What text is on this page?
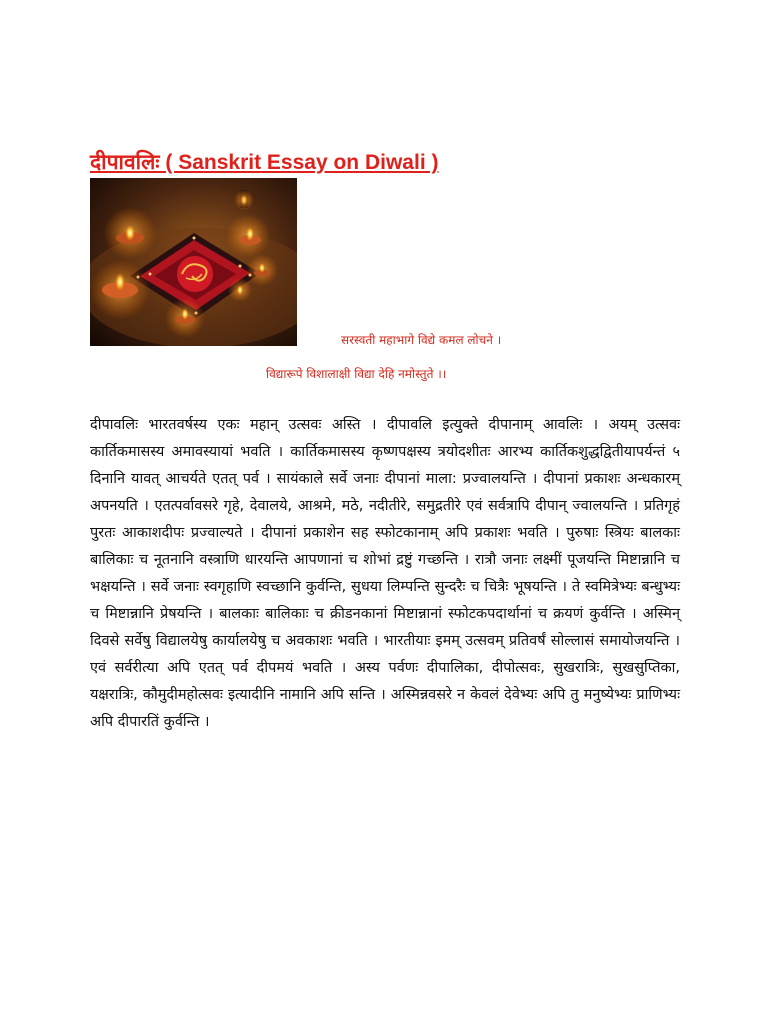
दीपावलिः ( Sanskrit Essay on Diwali )
सरस्वती महाभागे विद्ये कमल लोचने ।
विद्यारूपे विशालाक्षी विद्या देहि नमोस्तुते ।।

दीपावलिः भारतवर्षस्य एकः महान् उत्सवः अस्ति । दीपावलि इत्युक्ते दीपानाम् आवलिः । अयम् उत्सवः कार्तिकमासस्य अमावस्यायां भवति । कार्तिकमासस्य कृष्णपक्षस्य त्रयोदशीतः आरभ्य कार्तिकशुद्धद्वितीयापर्यन्तं ५ दिनानि यावत् आचर्यते एतत् पर्व । सायंकाले सर्वे जनाः दीपानां माला: प्रज्वालयन्ति । दीपानां प्रकाशः अन्धकारम् अपनयति । एतत्पर्वावसरे गृहे, देवालये, आश्रमे, मठे, नदीतीरे, समुद्रतीरे एवं सर्वत्रापि दीपान् ज्वालयन्ति । प्रतिगृहं पुरतः आकाशदीपः प्रज्वाल्यते । दीपानां प्रकाशेन सह स्फोटकानाम् अपि प्रकाशः भवति । पुरुषाः स्त्रियः बालकाः बालिकाः च नूतनानि वस्त्राणि धारयन्ति आपणानां च शोभां द्रष्टुं गच्छन्ति । रात्रौ जनाः लक्ष्मीं पूजयन्ति मिष्टान्नानि च भक्षयन्ति । सर्वे जनाः स्वगृहाणि स्वच्छानि कुर्वन्ति, सुधया लिम्पन्ति सुन्दरैः च चित्रैः भूषयन्ति । ते स्वमित्रेभ्यः बन्धुभ्यः च मिष्टान्नानि प्रेषयन्ति । बालकाः बालिकाः च क्रीडनकानां मिष्टान्नानां स्फोटकपदार्थानां च क्रयणं कुर्वन्ति । अस्मिन् दिवसे सर्वेषु विद्यालयेषु कार्यालयेषु च अवकाशः भवति । भारतीयाः इमम् उत्सवम् प्रतिवर्षं सोल्लासं समायोजयन्ति । एवं सर्वरीत्या अपि एतत् पर्व दीपमयं भवति । अस्य पर्वणः दीपालिका, दीपोत्सवः, सुखरात्रिः, सुखसुप्तिका, यक्षरात्रिः, कौमुदीमहोत्सवः इत्यादीनि नामानि अपि सन्ति । अस्मिन्नवसरे न केवलं देवेभ्यः अपि तु मनुष्येभ्यः प्राणिभ्यः अपि दीपारतिं कुर्वन्ति ।
